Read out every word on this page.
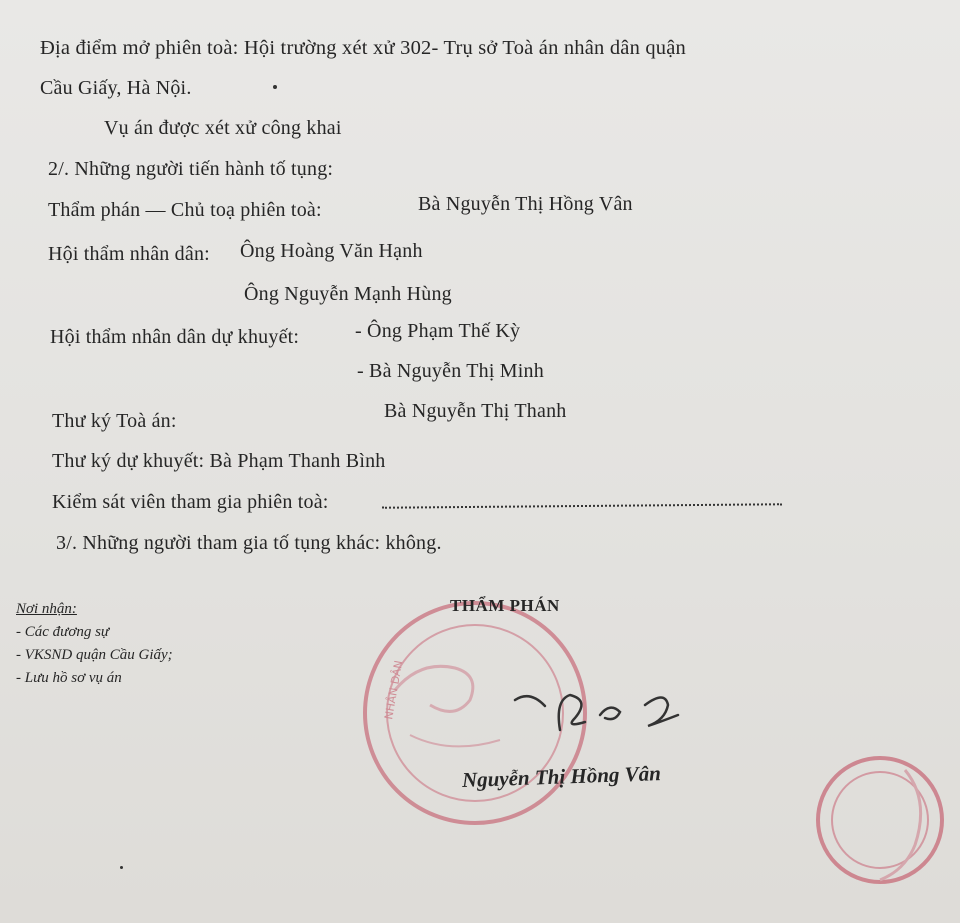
Địa điểm mở phiên toà: Hội trường xét xử 302- Trụ sở Toà án nhân dân quận
Cầu Giấy, Hà Nội.
Vụ án được xét xử công khai
2/. Những người tiến hành tố tụng:
Thẩm phán — Chủ toạ phiên toà:	Bà Nguyễn Thị Hồng Vân
Hội thẩm nhân dân: Ông Hoàng Văn Hạnh
Ông Nguyễn Mạnh Hùng
Hội thẩm nhân dân dự khuyết:	- Ông Phạm Thế Kỳ
- Bà Nguyễn Thị Minh
Thư ký Toà án:	Bà Nguyễn Thị Thanh
Thư ký dự khuyết: Bà Phạm Thanh Bình
Kiểm sát viên tham gia phiên toà:
3/. Những người tham gia tố tụng khác: không.
Nơi nhận:
- Các đương sự
- VKSND quận Cầu Giấy;
- Lưu hồ sơ vụ án	NHÂN DÂN
THẨM PHÁN
Nguyễn Thị Hồng Vân
